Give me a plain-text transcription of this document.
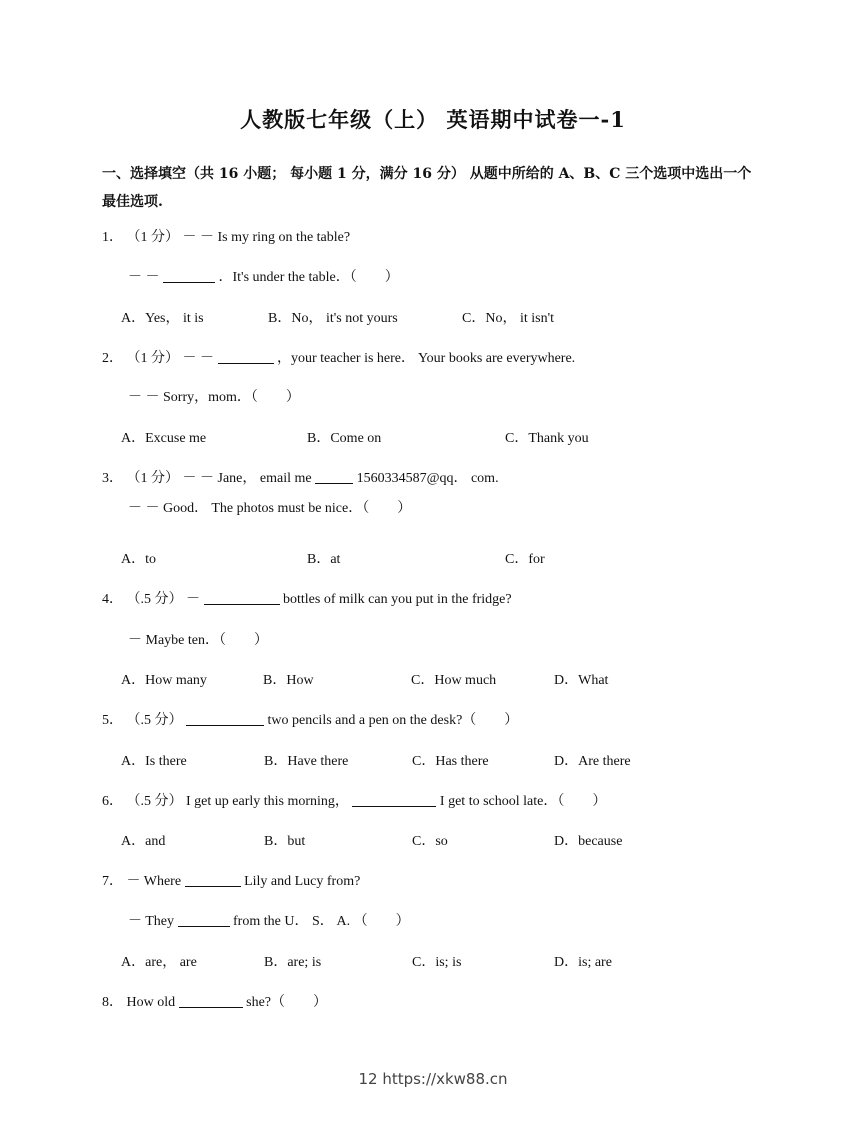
人教版七年级（上） 英语期中试卷一-1
一、选择填空（共 16 小题； 每小题 1 分，满分 16 分） 从题中所给的 A、B、C 三个选项中选出一个最佳选项.
1． （1 分） － － Is my ring on the table?
－ －	．It's under the table．（　　）
A．Yes， it is	B．No， it's not yours	C．No， it isn't
2． （1 分） － －	，your teacher is here． Your books are everywhere.
－ － Sorry，mom．（　　）
A．Excuse me	B．Come on	C．Thank you
3． （1 分） － － Jane， email me	1560334587@qq． com.
－ － Good． The photos must be nice．（　　）
A．to	B．at	C．for
4． （.5 分） －	bottles of milk can you put in the fridge?
－ Maybe ten．（　　）
A．How many	B．How	C．How much	D．What
5． （.5 分）	two pencils and a pen on the desk?（　　）
A．Is there	B．Have there	C．Has there	D．Are there
6． （.5 分） I get up early this morning，	I get to school late．（　　）
A．and	B．but	C．so	D．because
7． － Where	Lily and Lucy from?
－ They	from the U． S． A. （　　）
A．are， are	B．are; is	C．is; is	D．is; are
8． How old	she?（　　）
12 https://xkw88.cn
